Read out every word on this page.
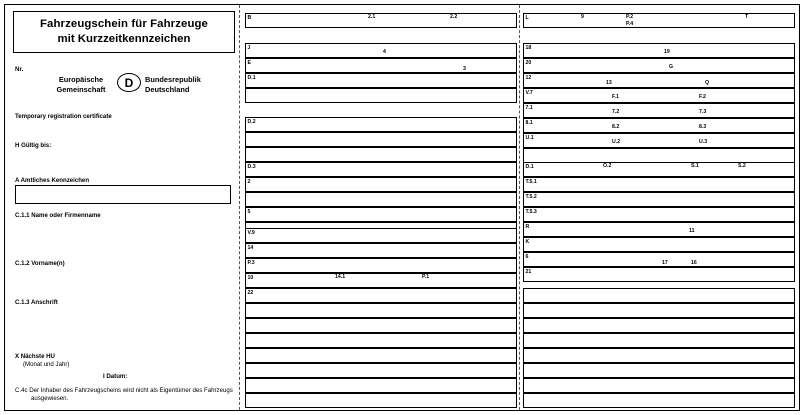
Fahrzeugschein für Fahrzeuge
mit Kurzzeitkennzeichen
Nr.
Europäische
Gemeinschaft	D	Bundesrepublik
Deutschland
Temporary registration certificate
H Gültig bis:
A Amtliches Kennzeichen
C.1.1 Name oder Firmenname
C.1.2 Vorname(n)
C.1.3 Anschrift
X Nächste HU
(Monat und Jahr)
I Datum:
C.4c Der Inhaber des Fahrzeugscheins wird nicht als Eigentümer des Fahrzeugs
ausgewiesen.
B	2.1	2.2
J
4
E
3
D.1
D.2
D.3
2
5
V.9
14
P.3
10	14.1	P.1
22
L	9	P.2
P.4
T
18
19
20
G
12
13	Q
V.7
F.1	F.2
7.1
7.2	7.3
8.1
8.2	8.3
U.1
U.2	U.3
D.1	O.2	S.1	S.2
T.5.1
T.5.2
T.5.3
R
11
K
6
17	16
21
